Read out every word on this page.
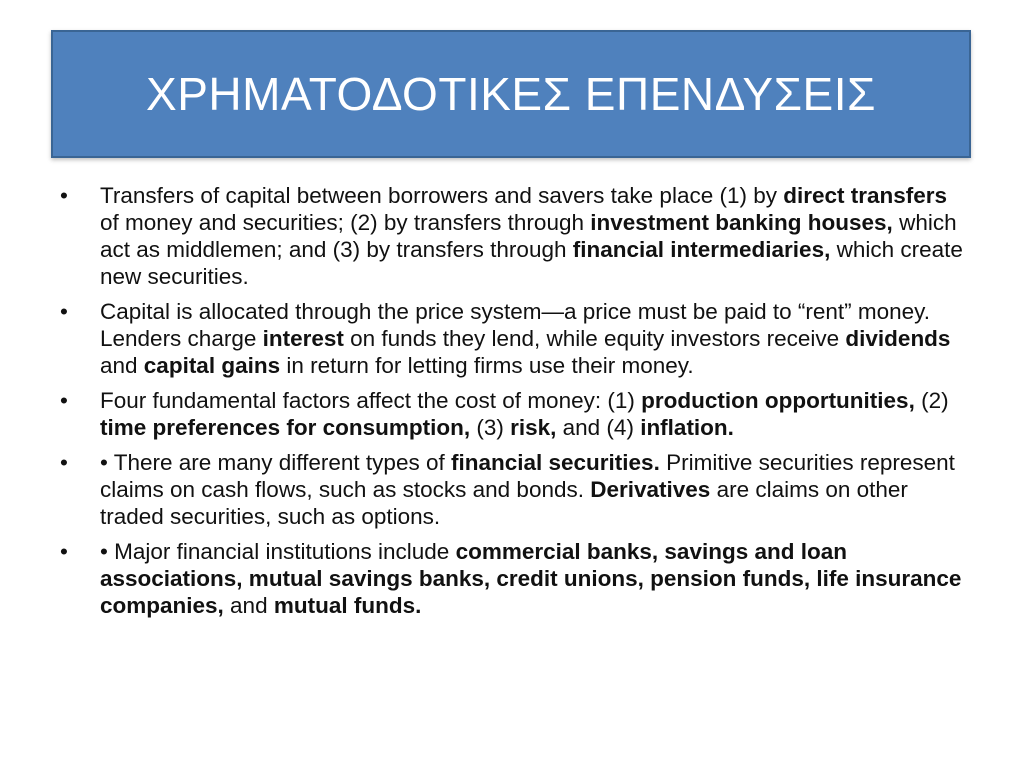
ΧΡΗΜΑΤΟΔΟΤΙΚΕΣ ΕΠΕΝΔΥΣΕΙΣ
•	Transfers of capital between borrowers and savers take place (1) by direct transfers of money and securities; (2) by transfers through investment banking houses, which act as middlemen; and (3) by transfers through financial intermediaries, which create new securities.
•	Capital is allocated through the price system—a price must be paid to “rent” money. Lenders charge interest on funds they lend, while equity investors receive dividends and capital gains in return for letting firms use their money.
•	Four fundamental factors affect the cost of money: (1) production opportunities, (2) time preferences for consumption, (3) risk, and (4) inflation.
•	• There are many different types of financial securities. Primitive securities represent claims on cash flows, such as stocks and bonds. Derivatives are claims on other traded securities, such as options.
•	• Major financial institutions include commercial banks, savings and loan associations, mutual savings banks, credit unions, pension funds, life insurance companies, and mutual funds.
